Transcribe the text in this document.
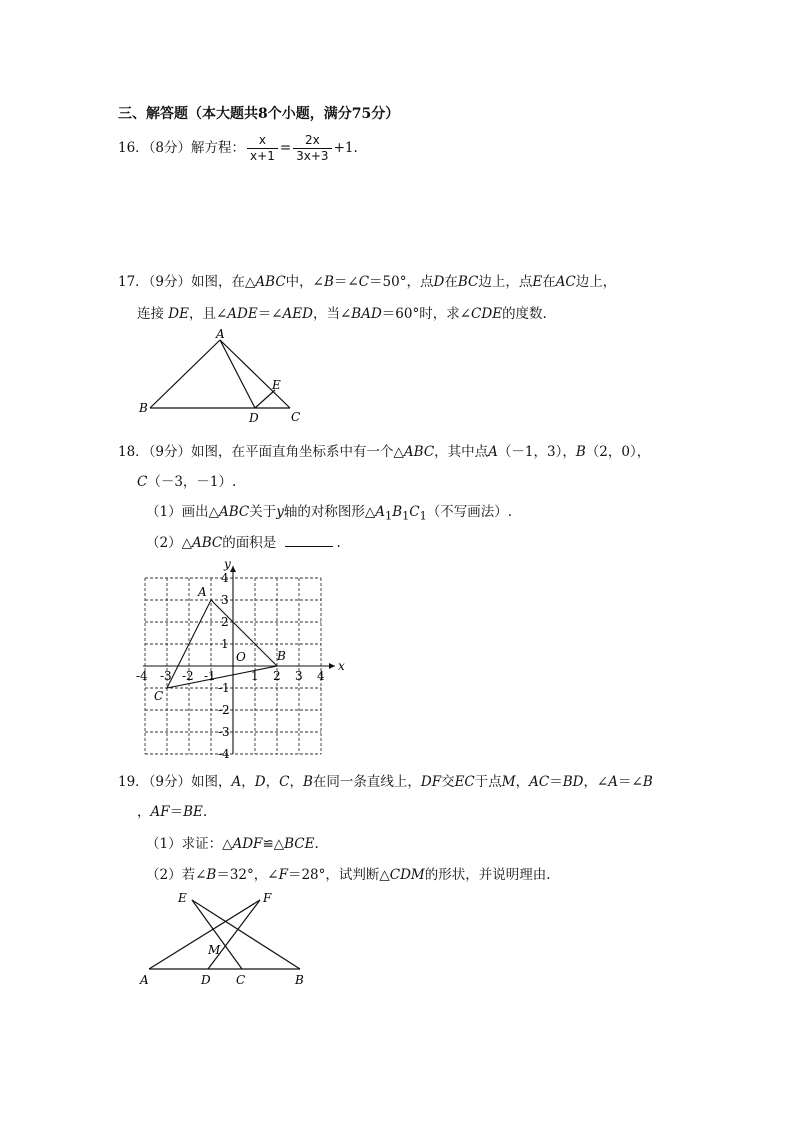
三、解答题（本大题共8个小题，满分75分）
16．（8分）解方程： $\frac{x}{x+1} = \frac{2x}{3x+3} +1$.
17．（9分）如图，在△ABC中，∠B＝∠C＝50°，点D在BC边上，点E在AC边上，
连接 DE，且∠ADE＝∠AED，当∠BAD＝60°时，求∠CDE的度数.
A
B
C
D
E
18．（9分）如图，在平面直角坐标系中有一个△ABC，其中点A（－1，3），B（2，0），
C（－3，－1）.
（1）画出△ABC关于y轴的对称图形$\triangle A_1B_1C_1$（不写画法）.
（2）△ABC的面积是	.
x
y
O
-4 -3 -2 -1	1 2 3 4
4
3
2
1
-1
-2
-3
-4
A
B
C
19．（9分）如图，A，D，C，B在同一条直线上，DF交EC于点M，AC＝BD，∠A＝∠B
，AF＝BE.
（1）求证：△ADF≌△BCE.
（2）若∠B＝32°，∠F＝28°，试判断△CDM的形状，并说明理由.
A	D C	B
E	F
M
